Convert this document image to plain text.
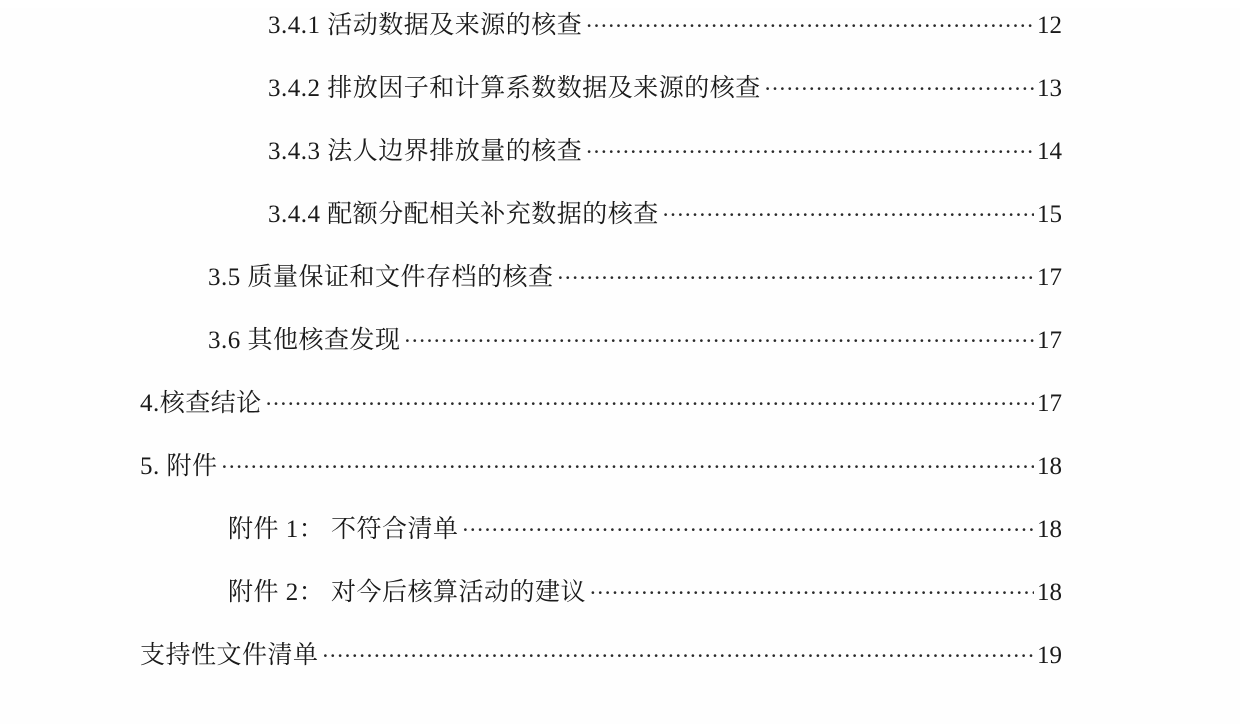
3.4.1 活动数据及来源的核查 .....	12
3.4.2 排放因子和计算系数数据及来源的核查 .....	13
3.4.3 法人边界排放量的核查 .....	14
3.4.4 配额分配相关补充数据的核查 .....	15
3.5 质量保证和文件存档的核查 .....	17
3.6 其他核查发现 .....	17
4.核查结论 .....	17
5. 附件 .....	18
附件 1： 不符合清单 .....	18
附件 2： 对今后核算活动的建议 .....	18
支持性文件清单 .....	19
